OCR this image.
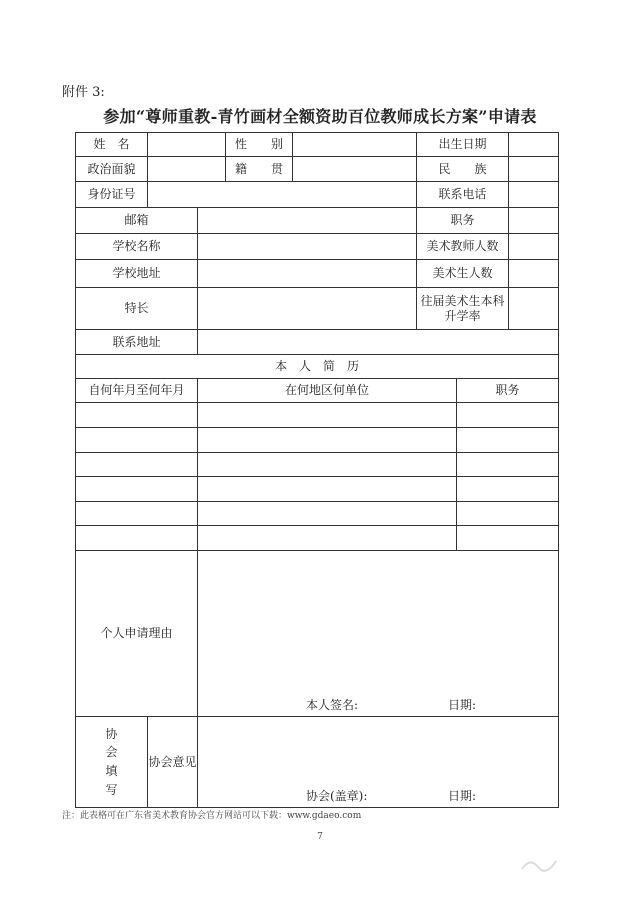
附件 3:
参加“尊师重教-青竹画材全额资助百位教师成长方案”申请表
姓　名			性　　别		出生日期		
政治面貌			籍　　贯		民　　族		
身份证号					联系电话		
邮箱					职务		
学校名称					美术教师人数		
学校地址					美术生人数		
特长					往届美术生本科
升学率		
联系地址							
本　人　简　历							
自何年月至何年月		在何地区何单位				职务	

个人申请理由		本人签名: 日期:					

协
会
填
写	协会意见	协会(盖章): 日期:					
注：此表格可在广东省美术教育协会官方网站可以下载：www.gdaeo.com
7
